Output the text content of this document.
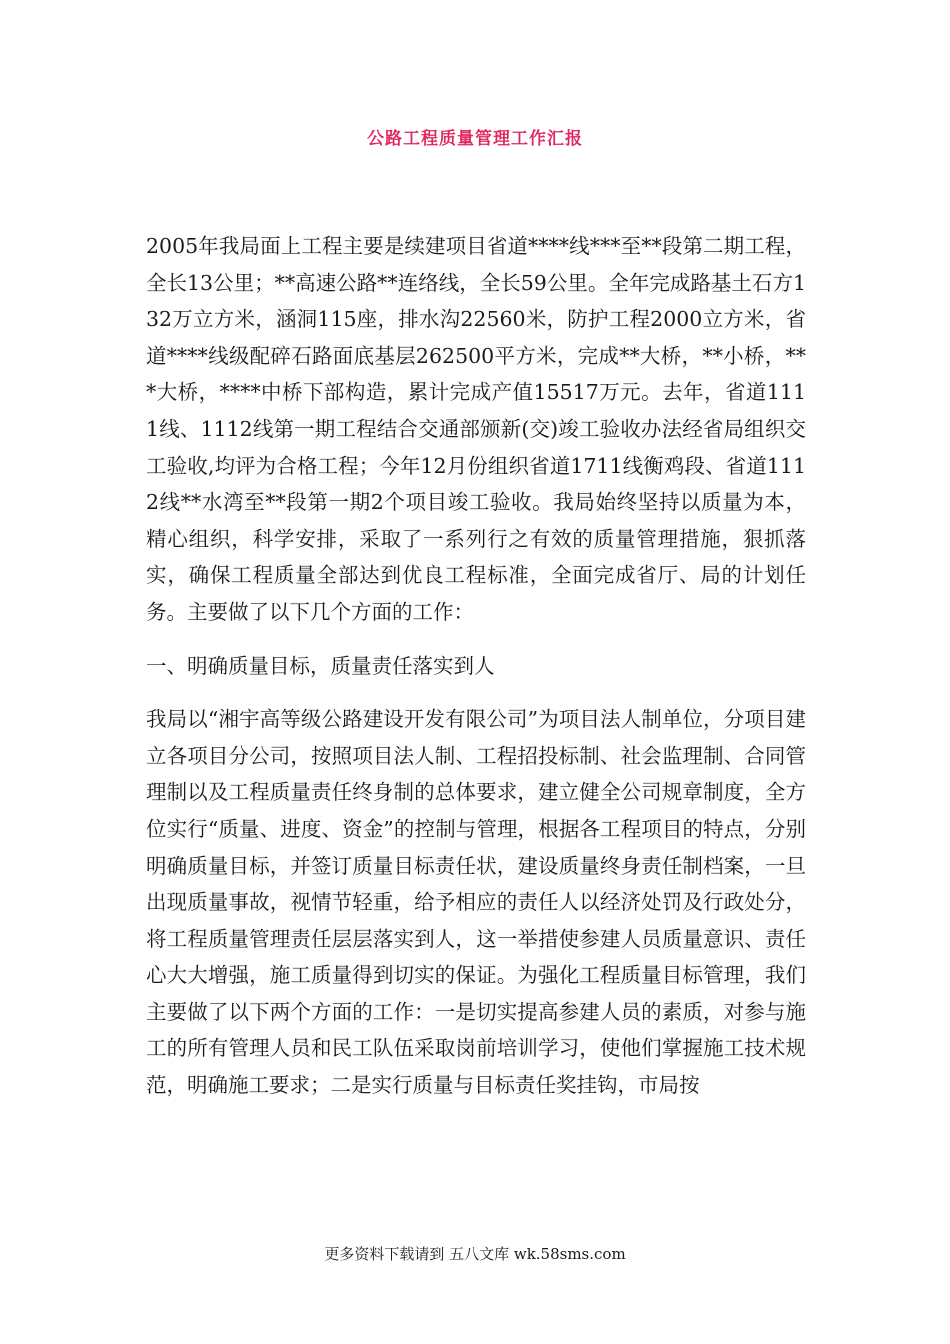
公路工程质量管理工作汇报

2005年我局面上工程主要是续建项目省道****线***至**段第二期工程，全长13公里；**高速公路**连络线，全长59公里。全年完成路基土石方132万立方米，涵洞115座，排水沟22560米，防护工程2000立方米，省道****线级配碎石路面底基层262500平方米，完成**大桥，**小桥，***大桥，****中桥下部构造，累计完成产值15517万元。去年，省道1111线、1112线第一期工程结合交通部颁新(交)竣工验收办法经省局组织交工验收,均评为合格工程；今年12月份组织省道1711线衡鸡段、省道1112线**水湾至**段第一期2个项目竣工验收。我局始终坚持以质量为本，精心组织，科学安排，采取了一系列行之有效的质量管理措施，狠抓落实，确保工程质量全部达到优良工程标准，全面完成省厅、局的计划任务。主要做了以下几个方面的工作：

一、明确质量目标，质量责任落实到人

我局以“湘宇高等级公路建设开发有限公司”为项目法人制单位，分项目建立各项目分公司，按照项目法人制、工程招投标制、社会监理制、合同管理制以及工程质量责任终身制的总体要求，建立健全公司规章制度，全方位实行“质量、进度、资金”的控制与管理，根据各工程项目的特点，分别明确质量目标，并签订质量目标责任状，建设质量终身责任制档案，一旦出现质量事故，视情节轻重，给予相应的责任人以经济处罚及行政处分，将工程质量管理责任层层落实到人，这一举措使参建人员质量意识、责任心大大增强，施工质量得到切实的保证。为强化工程质量目标管理，我们主要做了以下两个方面的工作：一是切实提高参建人员的素质，对参与施工的所有管理人员和民工队伍采取岗前培训学习，使他们掌握施工技术规范，明确施工要求；二是实行质量与目标责任奖挂钩，市局按

更多资料下载请到 五八文库 wk.58sms.com
